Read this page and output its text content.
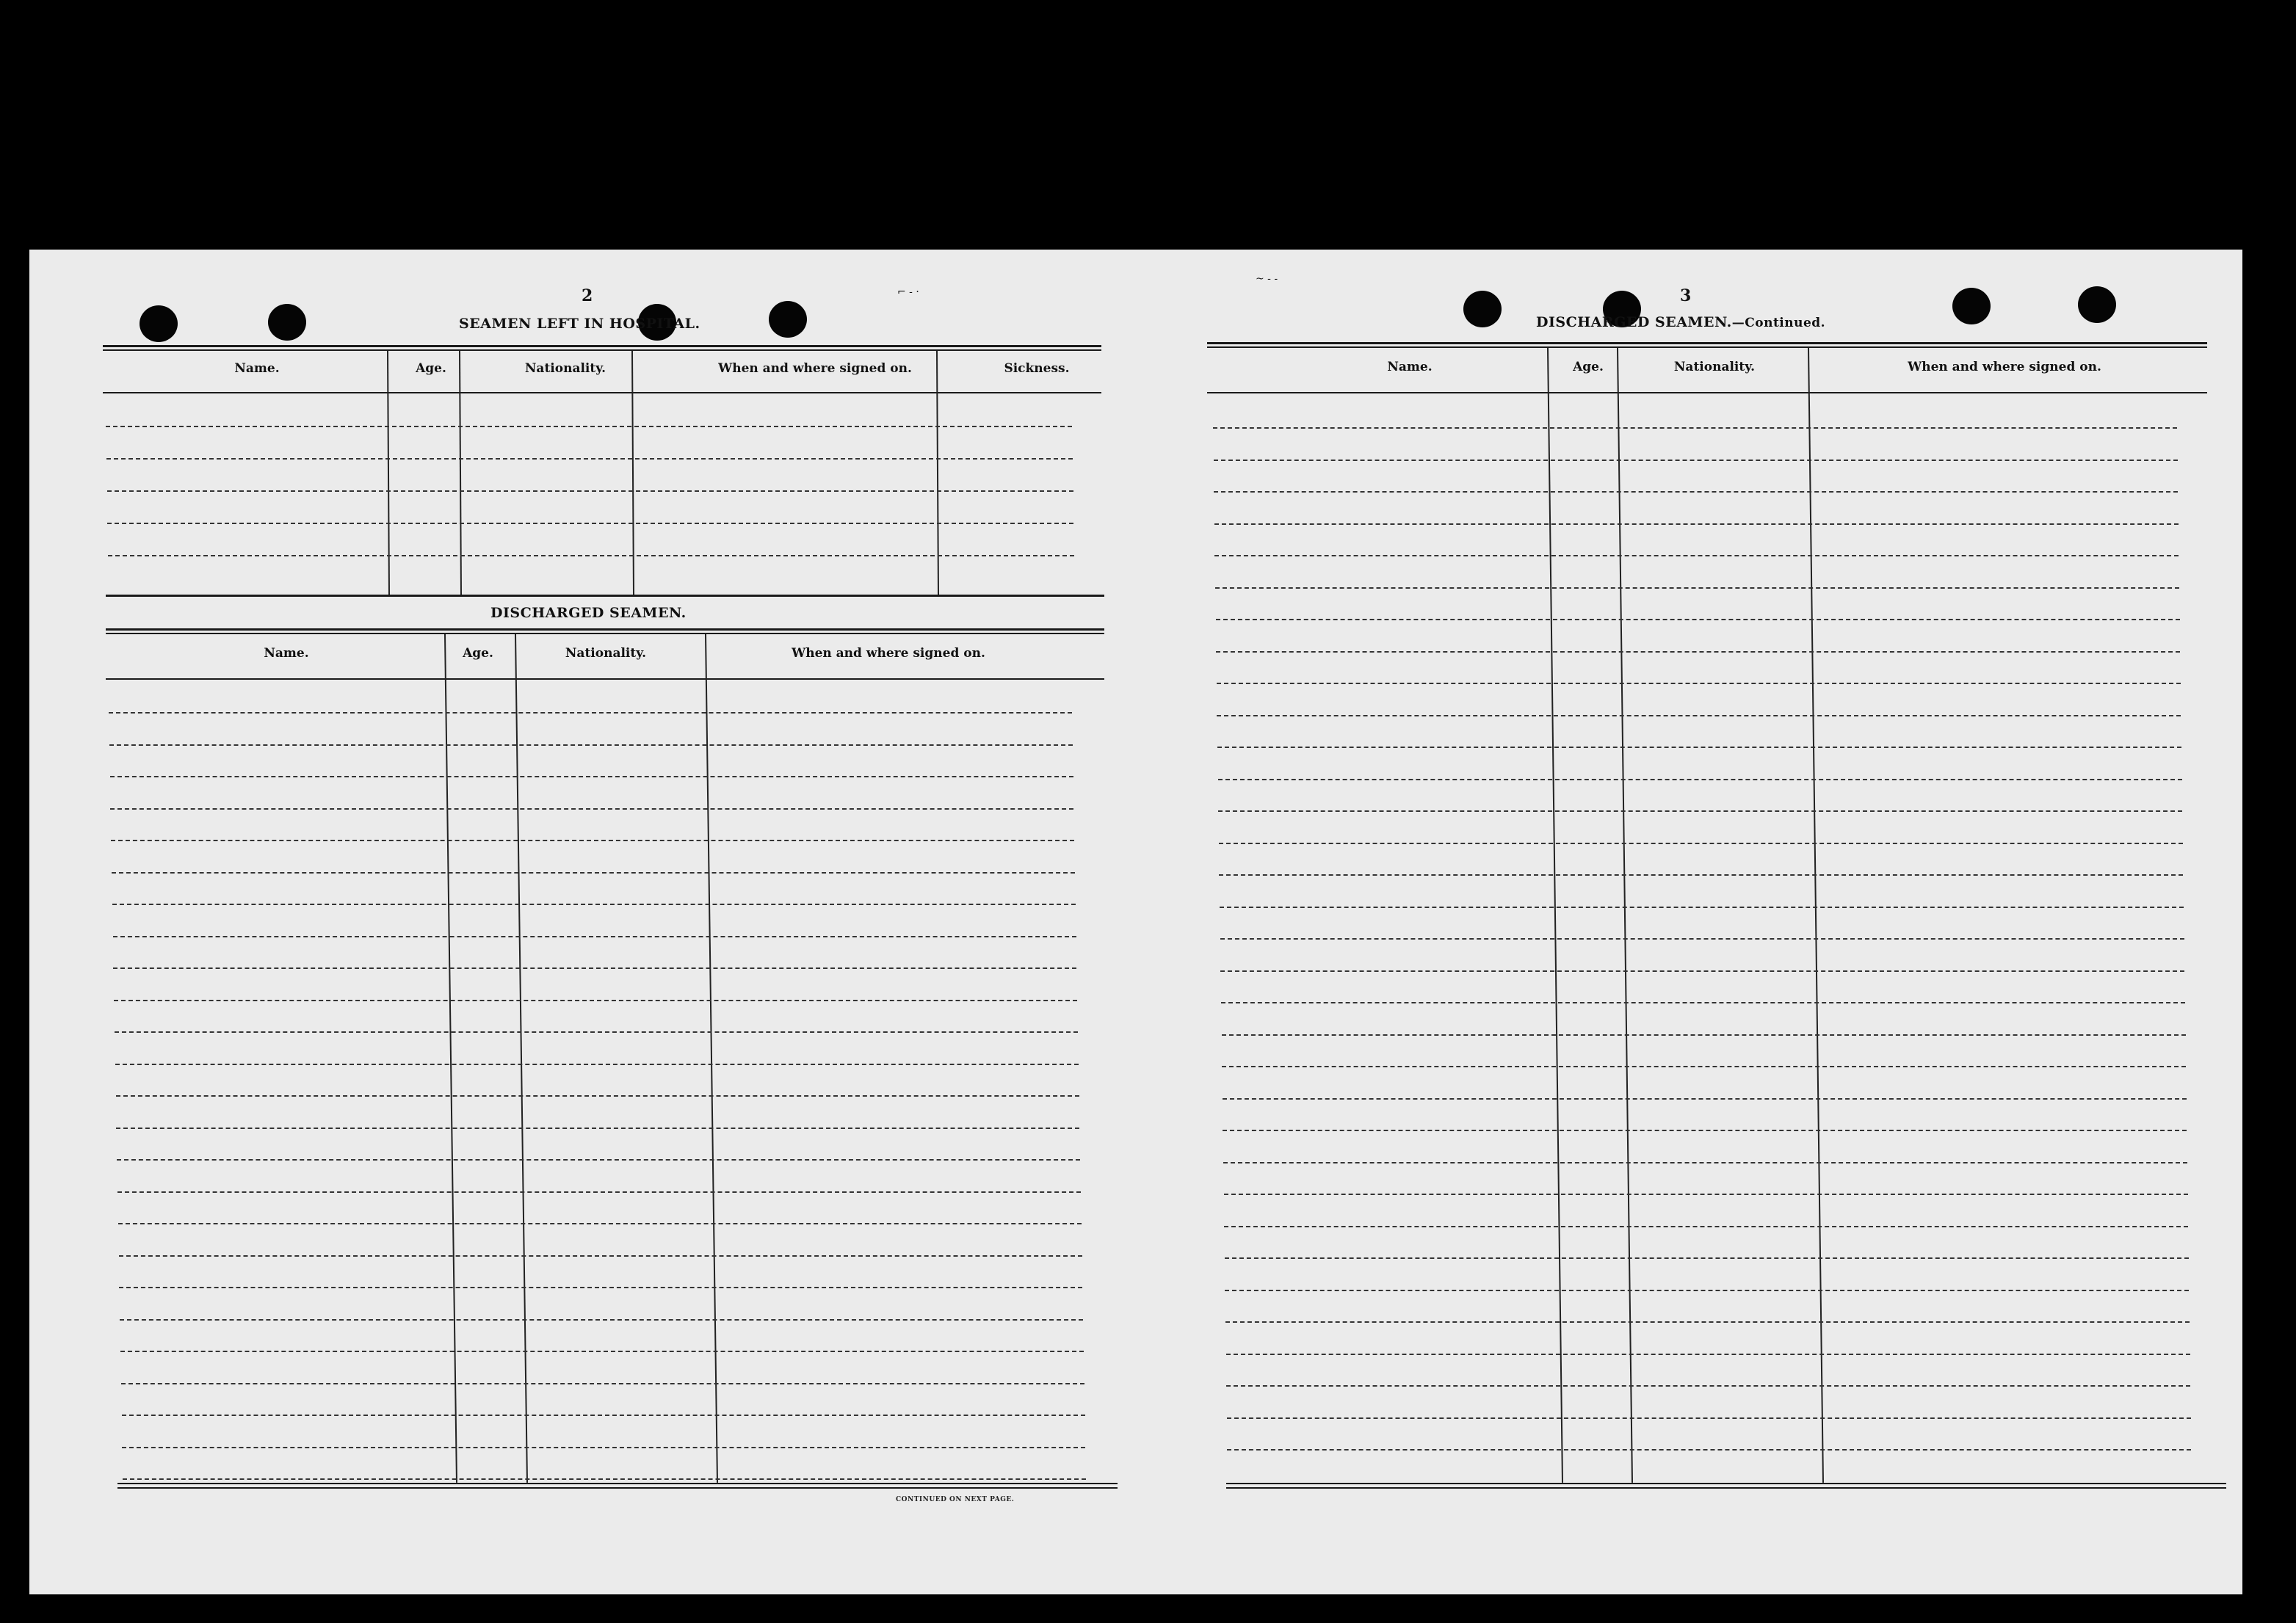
⌐ ‑ ·
~ ‑ ‑
2
SEAMEN LEFT IN HOSPITAL.
Name.	Age.	Nationality.	When and where signed on.	Sickness.
DISCHARGED SEAMEN.
Name.	Age.	Nationality.	When and where signed on.
CONTINUED ON NEXT PAGE.
3
DISCHARGED SEAMEN.—Continued.
Name.	Age.	Nationality.	When and where signed on.
